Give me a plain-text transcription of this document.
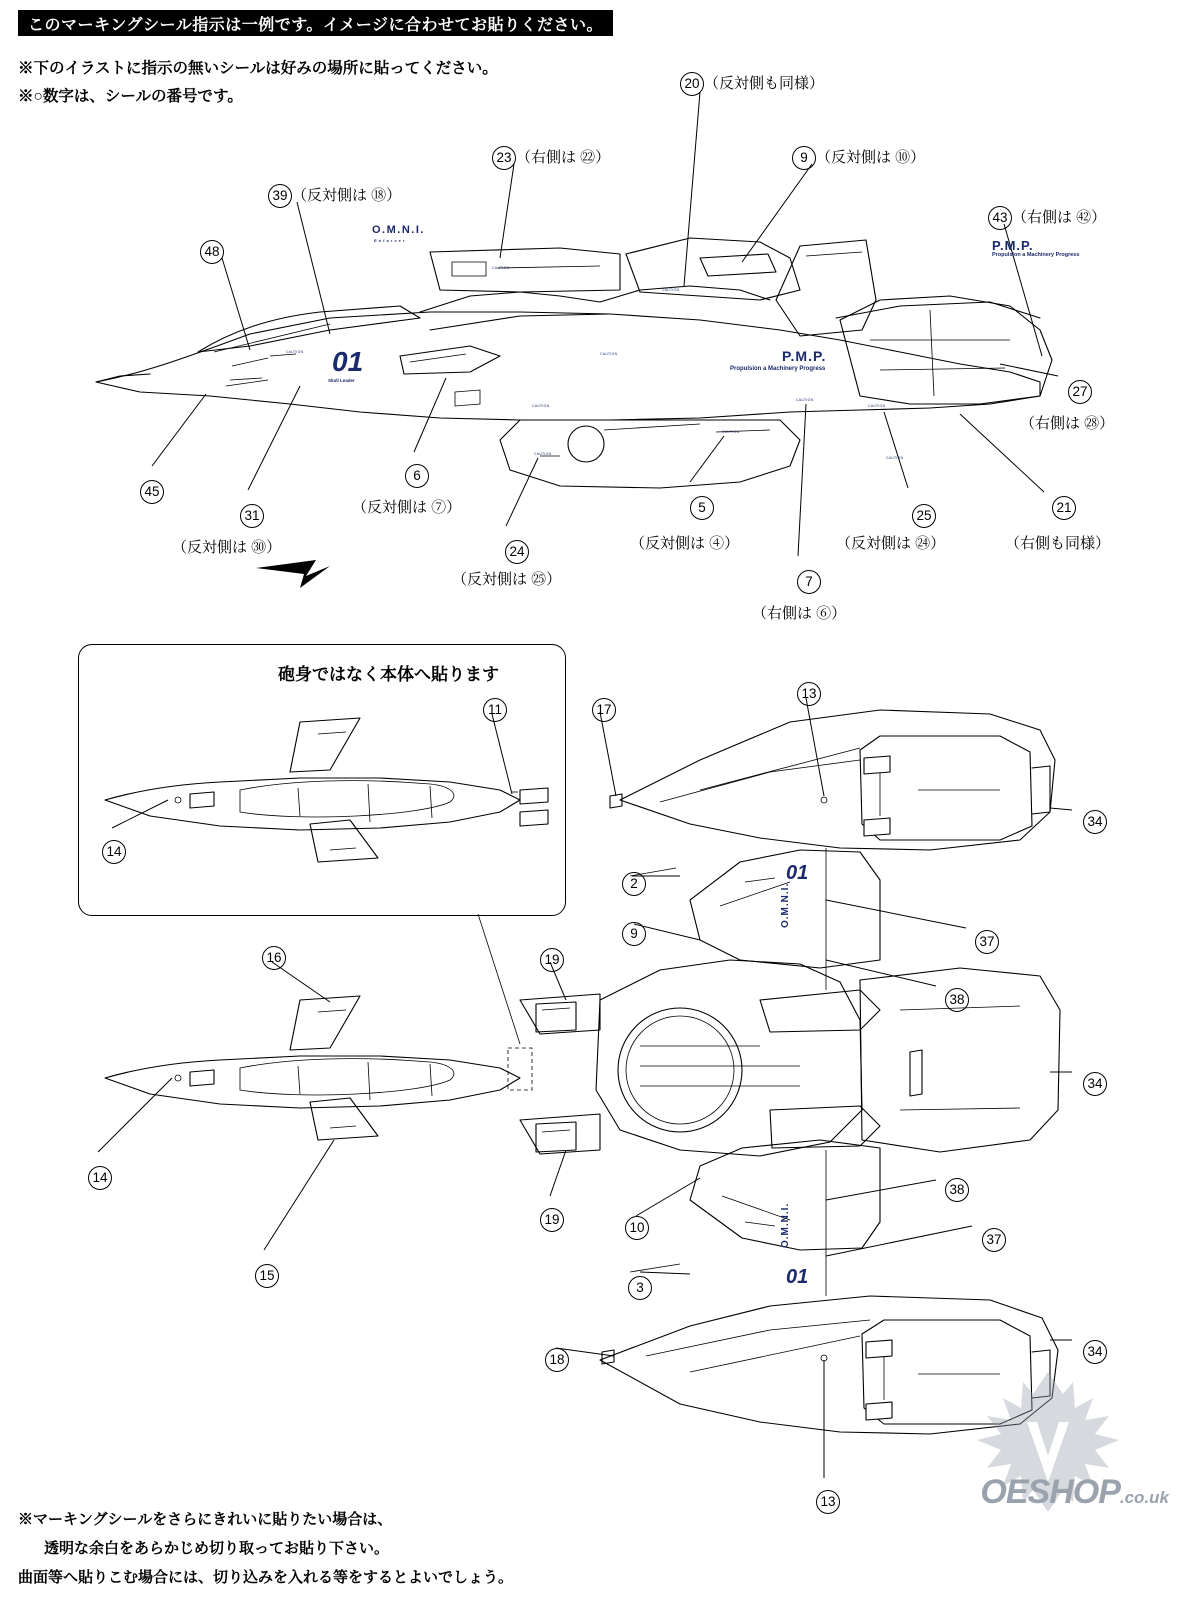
このマーキングシール指示は一例です。イメージに合わせてお貼りください。
※下のイラストに指示の無いシールは好みの場所に貼ってください。
※○数字は、シールの番号です。
O.M.N.I.
Enforcer
01
Skull Leader
P.M.P.
Propulsion a Machinery Progress
P.M.P.
Propulsion a Machinery Progress
O.M.N.I.
O.M.N.I.
01
01
CAUTION
CAUTION
CAUTION
CAUTION
CAUTION
CAUTION
CAUTION
CAUTION
CAUTION
CAUTION
砲身ではなく本体へ貼ります
48
39 （反対側は ⑱）
23 （右側は ㉒）
20 （反対側も同様）
9 （反対側は ⑩）
43 （右側は ㊷）
27
（右側は ㉘）
21
（右側も同様）
25
（反対側は ㉔）
7
（右側は ⑥）
5
（反対側は ④）
24
（反対側は ㉕）
6
（反対側は ⑦）
31
（反対側は ㉚）
45
11
14
17
13
34
2
37
9
38
16	19
34
14
15
19
10
38
37
3
18
34
13	OESHOP.co.uk
※マーキングシールをさらにきれいに貼りたい場合は、
透明な余白をあらかじめ切り取ってお貼り下さい。
曲面等へ貼りこむ場合には、切り込みを入れる等をするとよいでしょう。
